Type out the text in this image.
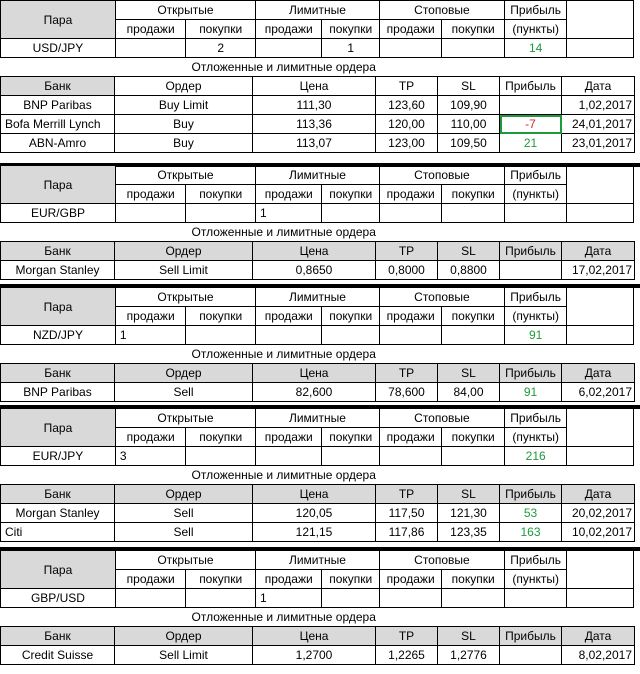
Пара	Открытые		Лимитные		Стоповые		Прибыль	
	продажи	покупки	продажи	покупки	продажи	покупки	(пункты)	
USD/JPY		2		1			14	
Отложенные и лимитные ордера								
Банк	Ордер	Цена	TP	SL	Прибыль	Дата
BNP Paribas	Buy Limit	111,30	123,60	109,90		1,02,2017
Bofa Merrill Lynch	Buy	113,36	120,00	110,00	-7	24,01,2017
ABN-Amro	Buy	113,07	123,00	109,50	21	23,01,2017
Пара	Открытые		Лимитные		Стоповые		Прибыль	
	продажи	покупки	продажи	покупки	продажи	покупки	(пункты)	
EUR/GBP			1					
Отложенные и лимитные ордера								
Банк	Ордер	Цена	TP	SL	Прибыль	Дата
Morgan Stanley	Sell Limit	0,8650	0,8000	0,8800		17,02,2017
Пара	Открытые		Лимитные		Стоповые		Прибыль	
	продажи	покупки	продажи	покупки	продажи	покупки	(пункты)	
NZD/JPY	1						91	
Отложенные и лимитные ордера								
Банк	Ордер	Цена	TP	SL	Прибыль	Дата
BNP Paribas	Sell	82,600	78,600	84,00	91	6,02,2017
Пара	Открытые		Лимитные		Стоповые		Прибыль	
	продажи	покупки	продажи	покупки	продажи	покупки	(пункты)	
EUR/JPY	3						216	
Отложенные и лимитные ордера								
Банк	Ордер	Цена	TP	SL	Прибыль	Дата
Morgan Stanley	Sell	120,05	117,50	121,30	53	20,02,2017
Citi	Sell	121,15	117,86	123,35	163	10,02,2017
Пара	Открытые		Лимитные		Стоповые		Прибыль	
	продажи	покупки	продажи	покупки	продажи	покупки	(пункты)	
GBP/USD			1					
Отложенные и лимитные ордера								
Банк	Ордер	Цена	TP	SL	Прибыль	Дата
Credit Suisse	Sell Limit	1,2700	1,2265	1,2776		8,02,2017
